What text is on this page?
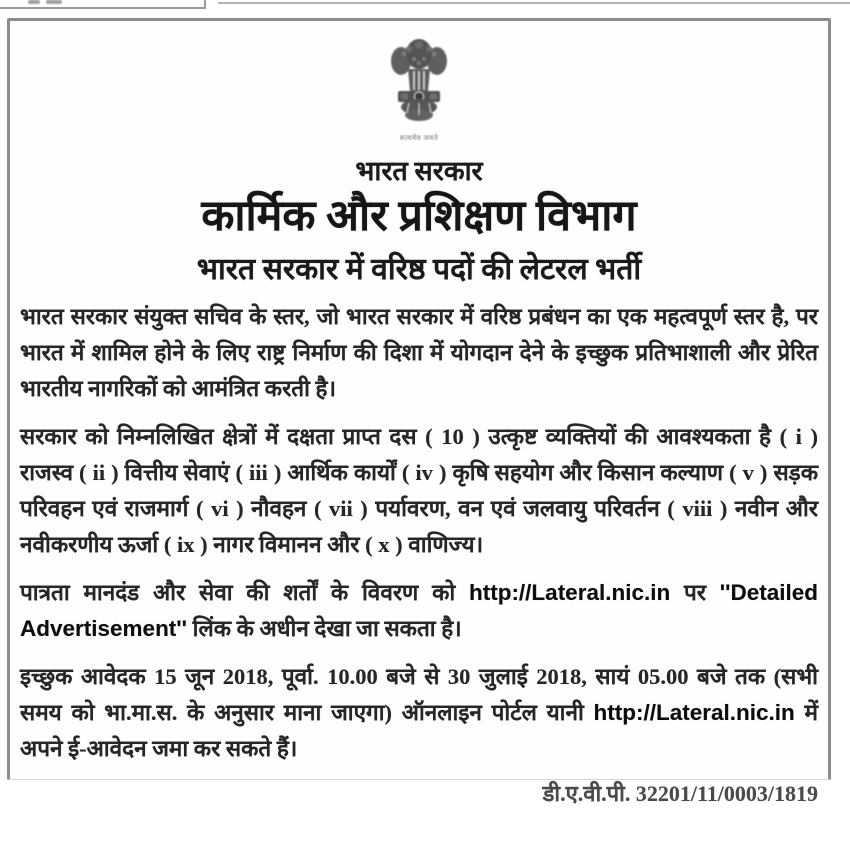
सत्यमेव जयते
भारत सरकार
कार्मिक और प्रशिक्षण विभाग
भारत सरकार में वरिष्ठ पदों की लेटरल भर्ती

भारत सरकार संयुक्त सचिव के स्तर, जो भारत सरकार में वरिष्ठ प्रबंधन का एक महत्वपूर्ण स्तर है, पर भारत में शामिल होने के लिए राष्ट्र निर्माण की दिशा में योगदान देने के इच्छुक प्रतिभाशाली और प्रेरित भारतीय नागरिकों को आमंत्रित करती है।

सरकार को निम्नलिखित क्षेत्रों में दक्षता प्राप्त दस ( 10 ) उत्कृष्ट व्यक्तियों की आवश्यकता है ( i ) राजस्व ( ii ) वित्तीय सेवाएं ( iii ) आर्थिक कार्यों ( iv ) कृषि सहयोग और किसान कल्याण ( v ) सड़क परिवहन एवं राजमार्ग ( vi ) नौवहन ( vii ) पर्यावरण, वन एवं जलवायु परिवर्तन ( viii ) नवीन और नवीकरणीय ऊर्जा ( ix ) नागर विमानन और ( x ) वाणिज्य।

पात्रता मानदंड और सेवा की शर्तों के विवरण को http://Lateral.nic.in पर ''Detailed Advertisement'' लिंक के अधीन देखा जा सकता है।

इच्छुक आवेदक 15 जून 2018, पूर्वा. 10.00 बजे से 30 जुलाई 2018, सायं 05.00 बजे तक (सभी समय को भा.मा.स. के अनुसार माना जाएगा) ऑनलाइन पोर्टल यानी http://Lateral.nic.in में अपने ई-आवेदन जमा कर सकते हैं।

डी.ए.वी.पी. 32201/11/0003/1819
